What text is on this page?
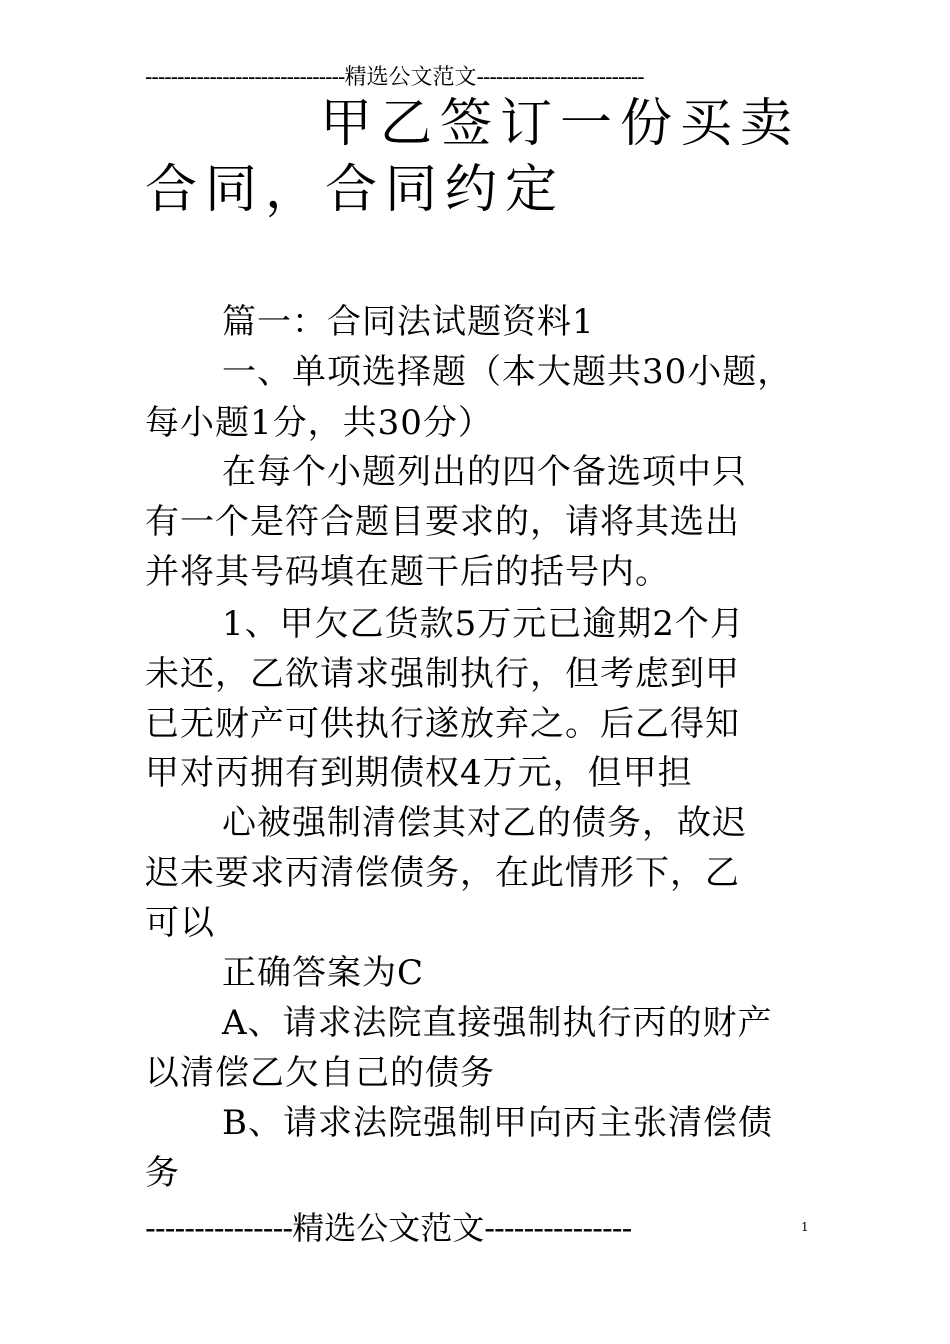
-------------------------------精选公文范文--------------------------
甲乙签订一份买卖
合同，合同约定
篇一：合同法试题资料1
一、单项选择题（本大题共30小题，
每小题1分，共30分）
在每个小题列出的四个备选项中只
有一个是符合题目要求的，请将其选出
并将其号码填在题干后的括号内。
1、甲欠乙货款5万元已逾期2个月
未还，乙欲请求强制执行，但考虑到甲
已无财产可供执行遂放弃之。后乙得知
甲对丙拥有到期债权4万元，但甲担
心被强制清偿其对乙的债务，故迟
迟未要求丙清偿债务，在此情形下，乙
可以
正确答案为C
A、请求法院直接强制执行丙的财产
以清偿乙欠自己的债务
B、请求法院强制甲向丙主张清偿债
务
---------------精选公文范文---------------	1
